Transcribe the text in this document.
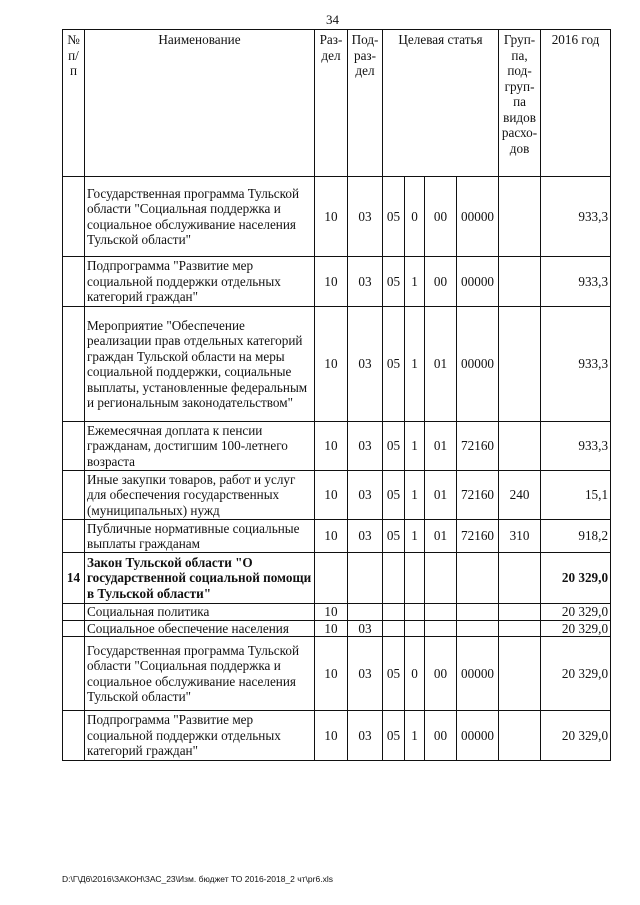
34
№ п/п	Наименование	Раз-дел	Под-раз-дел	Целевая статья				Груп-па, под-груп-па видов расхо-дов	2016 год
	Государственная программа Тульской области "Социальная поддержка и социальное обслуживание населения Тульской области"	10	03	05	0	00	00000		933,3
	Подпрограмма "Развитие мер социальной поддержки отдельных категорий граждан"	10	03	05	1	00	00000		933,3
	Мероприятие "Обеспечение реализации прав отдельных категорий граждан Тульской области на меры социальной поддержки, социальные выплаты, установленные федеральным и региональным законодательством"	10	03	05	1	01	00000		933,3
	Ежемесячная доплата к пенсии гражданам, достигшим 100-летнего возраста	10	03	05	1	01	72160		933,3
	Иные закупки товаров, работ и услуг для обеспечения государственных (муниципальных) нужд	10	03	05	1	01	72160	240	15,1
	Публичные нормативные социальные выплаты гражданам	10	03	05	1	01	72160	310	918,2
14	Закон Тульской области "О государственной социальной помощи в Тульской области"								20 329,0
	Социальная политика	10							20 329,0
	Социальное обеспечение населения	10	03						20 329,0
	Государственная программа Тульской области "Социальная поддержка и социальное обслуживание населения Тульской области"	10	03	05	0	00	00000		20 329,0
	Подпрограмма "Развитие мер социальной поддержки отдельных категорий граждан"	10	03	05	1	00	00000		20 329,0
D:\Г\Д6\2016\ЗАКОН\ЗАС_23\Изм. бюджет ТО 2016-2018_2 чт\pr6.xls
